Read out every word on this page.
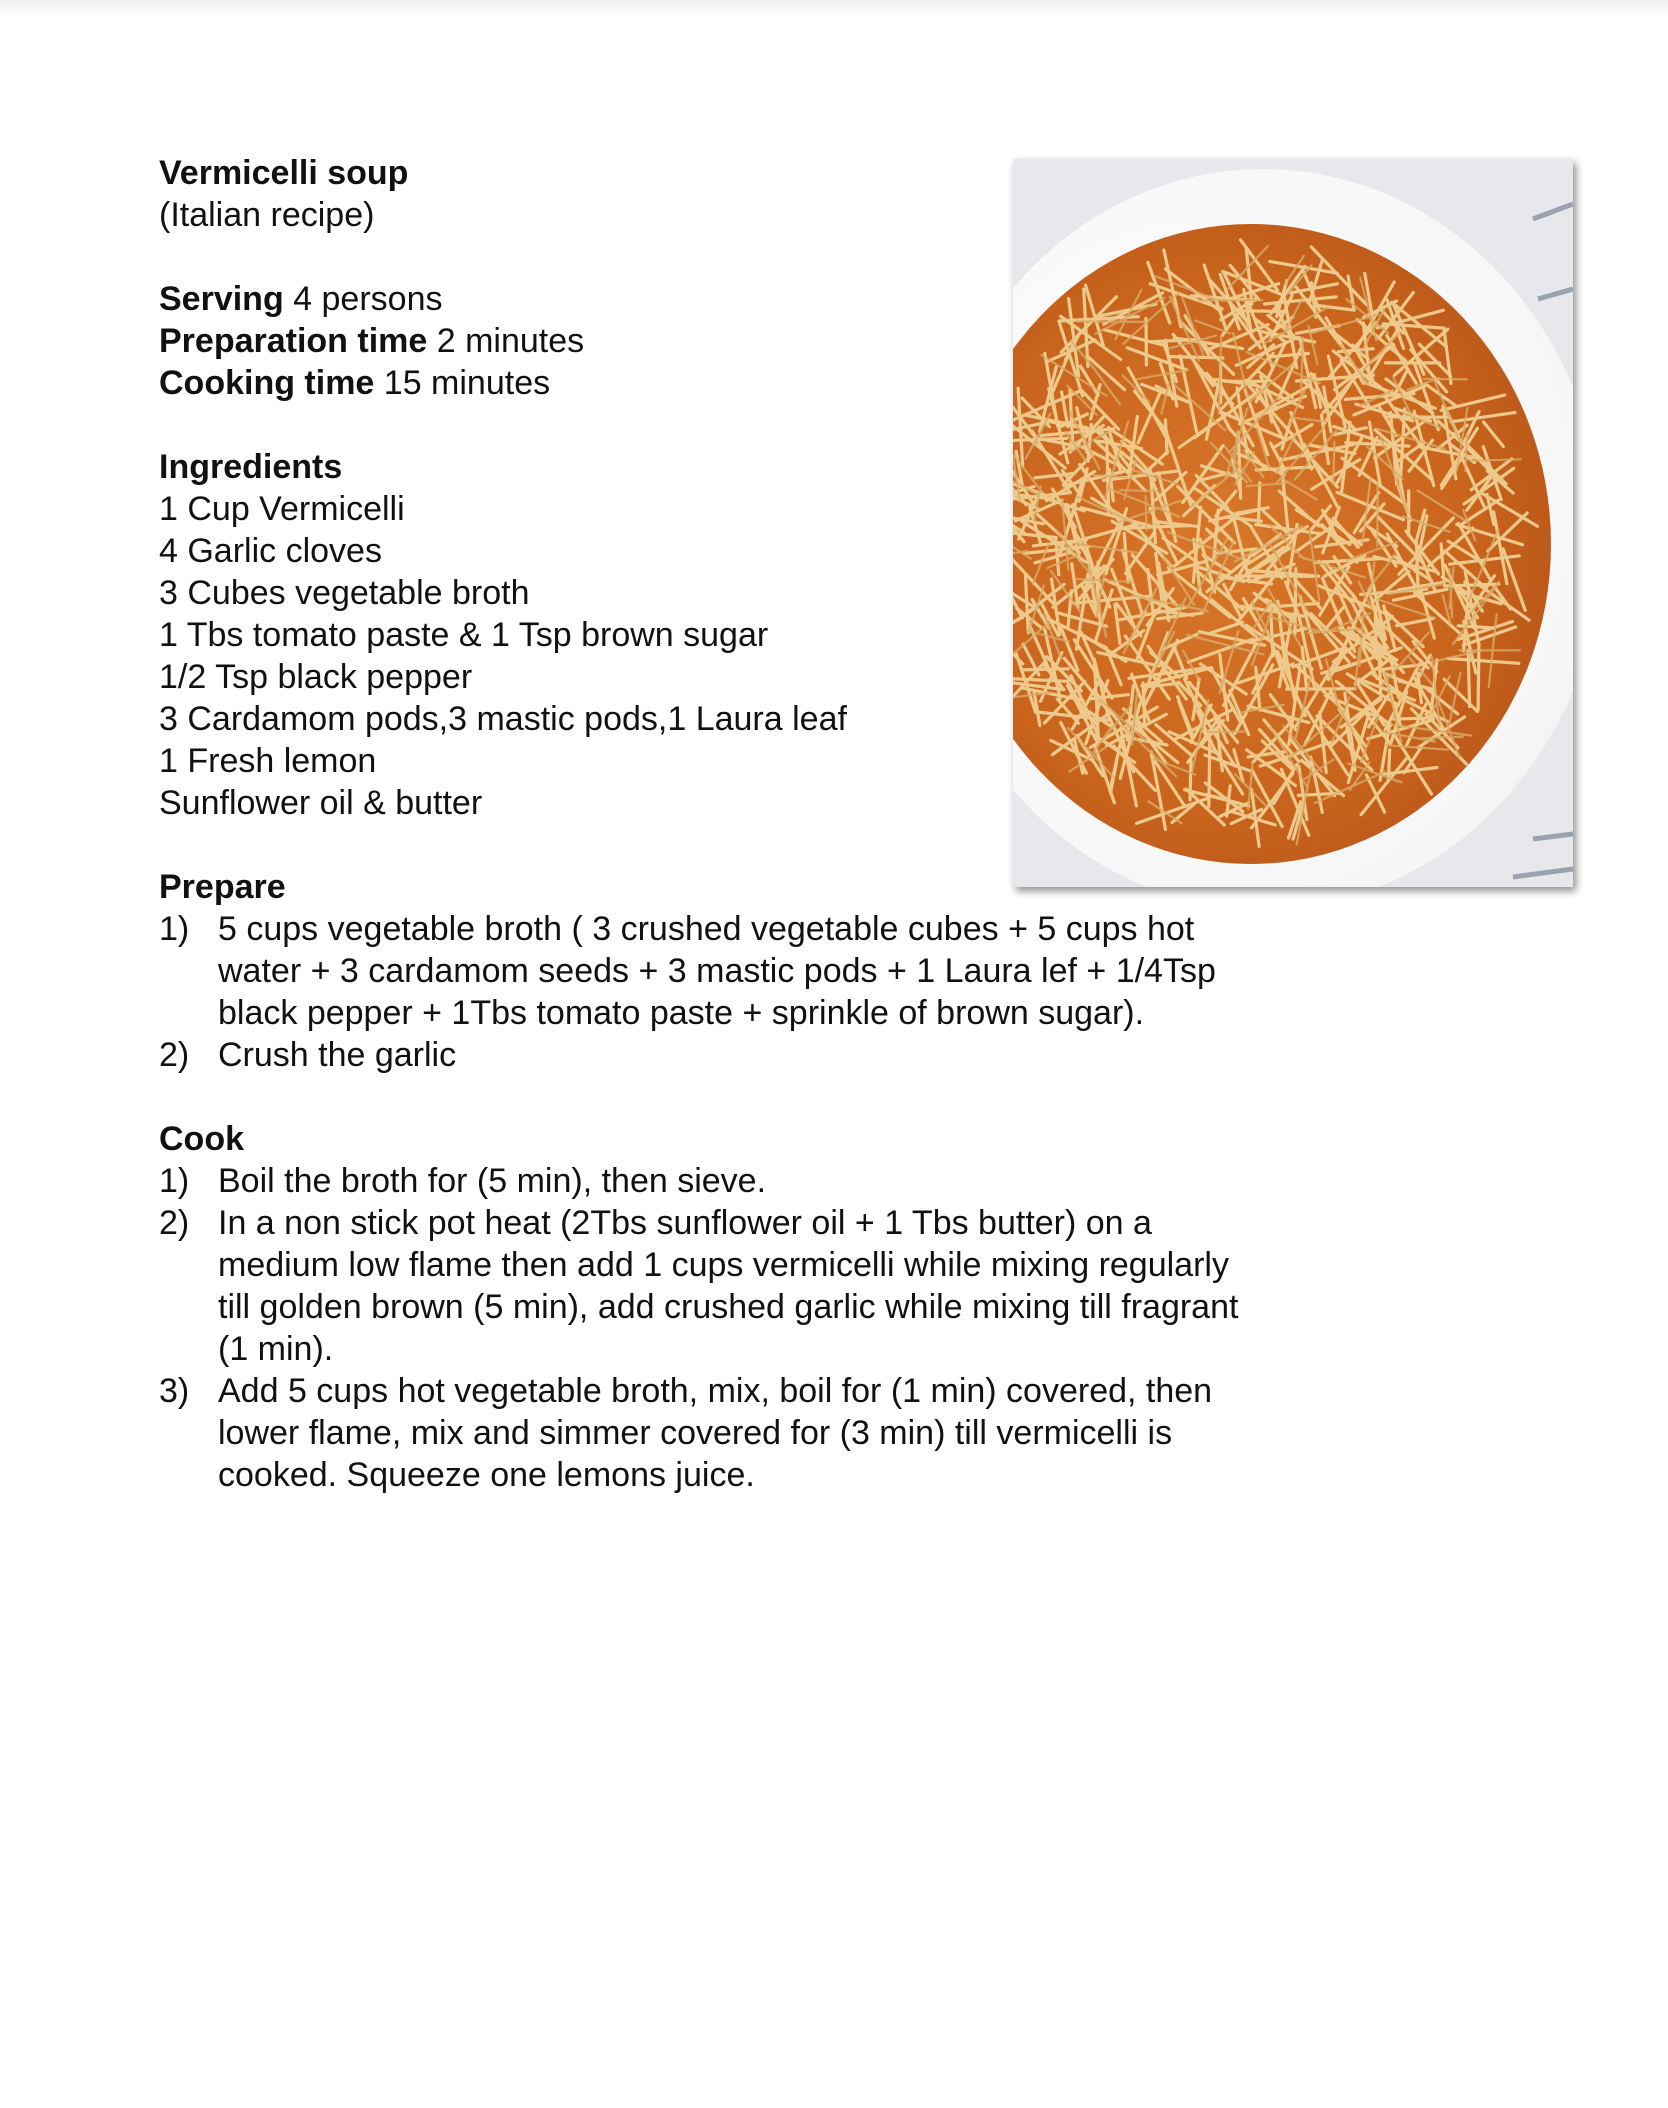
Vermicelli soup
(Italian recipe)
Serving 4 persons
Preparation time 2 minutes
Cooking time 15 minutes
Ingredients
1 Cup Vermicelli
4 Garlic cloves
3 Cubes vegetable broth
1 Tbs tomato paste & 1 Tsp brown sugar
1/2 Tsp black pepper
3 Cardamom pods,3 mastic pods,1 Laura leaf
1 Fresh lemon
Sunflower oil & butter
Prepare
1) 5 cups vegetable broth ( 3 crushed vegetable cubes + 5 cups hot water + 3 cardamom seeds + 3 mastic pods + 1 Laura lef + 1/4Tsp black pepper + 1Tbs tomato paste + sprinkle of brown sugar).
2) Crush the garlic
Cook
1) Boil the broth for (5 min), then sieve.
2) In a non stick pot heat (2Tbs sunflower oil + 1 Tbs butter) on a medium low flame then add 1 cups vermicelli while mixing regularly till golden brown (5 min), add crushed garlic while mixing till fragrant (1 min).
3) Add 5 cups hot vegetable broth, mix, boil for (1 min) covered, then lower flame, mix and simmer covered for (3 min) till vermicelli is cooked. Squeeze one lemons juice.
